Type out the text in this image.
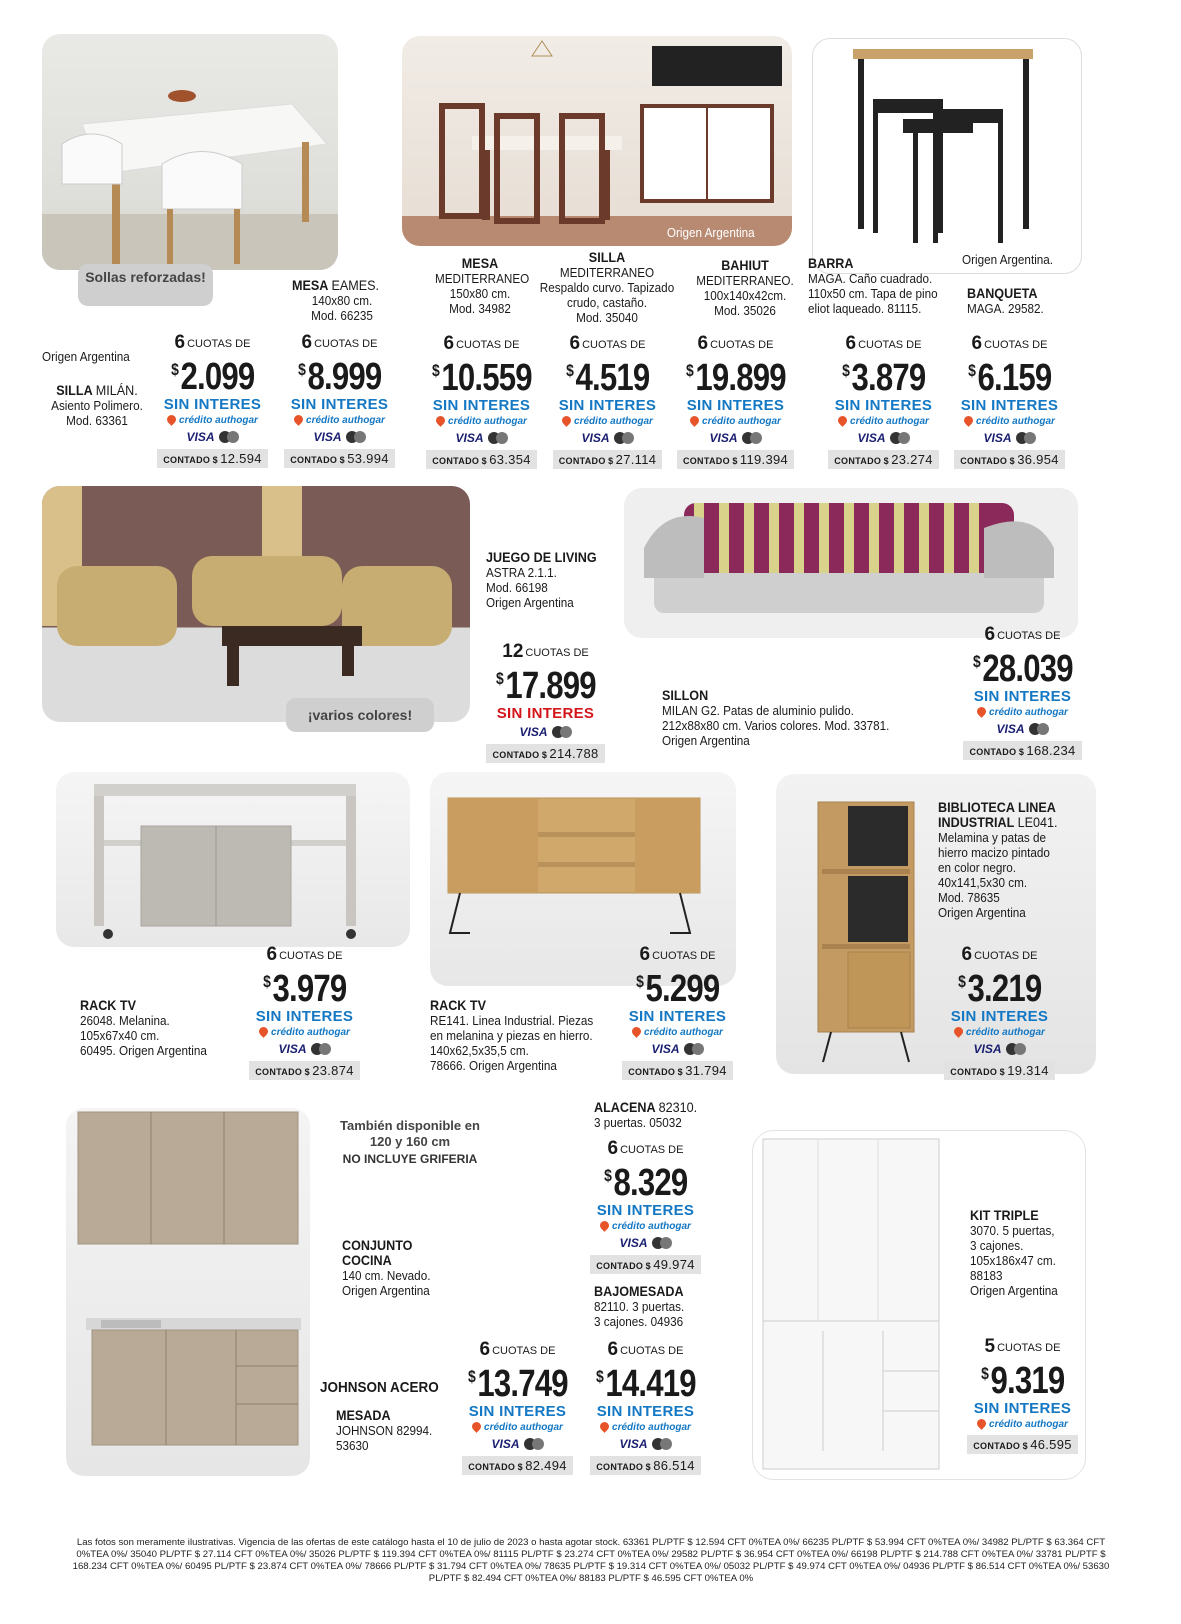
Sollas reforzadas!
Origen Argentina
Origen Argentina.
Origen Argentina
SILLA MILÁN.
Asiento Polimero.
Mod. 63361
MESA EAMES.
140x80 cm.
Mod. 66235
MESA
MEDITERRANEO
150x80 cm.
Mod. 34982
SILLA
MEDITERRANEO
Respaldo curvo. Tapizado
crudo, castaño.
Mod. 35040
BAHIUT
MEDITERRANEO.
100x140x42cm.
Mod. 35026
BARRA
MAGA. Caño cuadrado.
110x50 cm. Tapa de pino
eliot laqueado. 81115.
BANQUETA
MAGA. 29582.
6 CUOTAS DE
$2.099
SIN INTERES
crédito authogar
VISA
CONTADO $ 12.594
6 CUOTAS DE
$8.999
SIN INTERES
crédito authogar
VISA
CONTADO $ 53.994
6 CUOTAS DE
$10.559
SIN INTERES
crédito authogar
VISA
CONTADO $ 63.354
6 CUOTAS DE
$4.519
SIN INTERES
crédito authogar
VISA
CONTADO $ 27.114
6 CUOTAS DE
$19.899
SIN INTERES
crédito authogar
VISA
CONTADO $ 119.394
6 CUOTAS DE
$3.879
SIN INTERES
crédito authogar
VISA
CONTADO $ 23.274
6 CUOTAS DE
$6.159
SIN INTERES
crédito authogar
VISA
CONTADO $ 36.954
¡varios colores!
JUEGO DE LIVING
ASTRA 2.1.1.
Mod. 66198
Origen Argentina
12 CUOTAS DE
$17.899
SIN INTERES
VISA
CONTADO $ 214.788
SILLON
MILAN G2. Patas de aluminio pulido.
212x88x80 cm. Varios colores. Mod. 33781.
Origen Argentina
6 CUOTAS DE
$28.039
SIN INTERES
crédito authogar
VISA
CONTADO $ 168.234
RACK TV
26048. Melanina.
105x67x40 cm.
60495. Origen Argentina
6 CUOTAS DE
$3.979
SIN INTERES
crédito authogar
VISA
CONTADO $ 23.874
RACK TV
RE141. Linea Industrial. Piezas
en melanina y piezas en hierro.
140x62,5x35,5 cm.
78666. Origen Argentina
6 CUOTAS DE
$5.299
SIN INTERES
crédito authogar
VISA
CONTADO $ 31.794
BIBLIOTECA LINEA
INDUSTRIAL LE041.
Melamina y patas de
hierro macizo pintado
en color negro.
40x141,5x30 cm.
Mod. 78635
Origen Argentina
6 CUOTAS DE
$3.219
SIN INTERES
crédito authogar
VISA
CONTADO $ 19.314
También disponible en 120 y 160 cm
NO INCLUYE GRIFERIA
CONJUNTO
COCINA
140 cm. Nevado.
Origen Argentina
JOHNSON ACERO
MESADA
JOHNSON 82994.
53630
6 CUOTAS DE
$13.749
SIN INTERES
crédito authogar
VISA
CONTADO $ 82.494
ALACENA 82310.
3 puertas. 05032
6 CUOTAS DE
$8.329
SIN INTERES
crédito authogar
VISA
CONTADO $ 49.974
BAJOMESADA
82110. 3 puertas.
3 cajones. 04936
6 CUOTAS DE
$14.419
SIN INTERES
crédito authogar
VISA
CONTADO $ 86.514
KIT TRIPLE
3070. 5 puertas,
3 cajones.
105x186x47 cm.
88183
Origen Argentina
5 CUOTAS DE
$9.319
SIN INTERES
crédito authogar
CONTADO $ 46.595
Las fotos son meramente ilustrativas. Vigencia de las ofertas de este catálogo hasta el 10 de julio de 2023 o hasta agotar stock. 63361 PL/PTF $ 12.594 CFT 0%TEA 0%/ 66235 PL/PTF $ 53.994 CFT 0%TEA 0%/ 34982 PL/PTF $ 63.364 CFT 0%TEA 0%/ 35040 PL/PTF $ 27.114 CFT 0%TEA 0%/ 35026 PL/PTF $ 119.394 CFT 0%TEA 0%/ 81115 PL/PTF $ 23.274 CFT 0%TEA 0%/ 29582 PL/PTF $ 36.954 CFT 0%TEA 0%/ 66198 PL/PTF $ 214.788 CFT 0%TEA 0%/ 33781 PL/PTF $ 168.234 CFT 0%TEA 0%/ 60495 PL/PTF $ 23.874 CFT 0%TEA 0%/ 78666 PL/PTF $ 31.794 CFT 0%TEA 0%/ 78635 PL/PTF $ 19.314 CFT 0%TEA 0%/ 05032 PL/PTF $ 49.974 CFT 0%TEA 0%/ 04936 PL/PTF $ 86.514 CFT 0%TEA 0%/ 53630 PL/PTF $ 82.494 CFT 0%TEA 0%/ 88183 PL/PTF $ 46.595 CFT 0%TEA 0%
